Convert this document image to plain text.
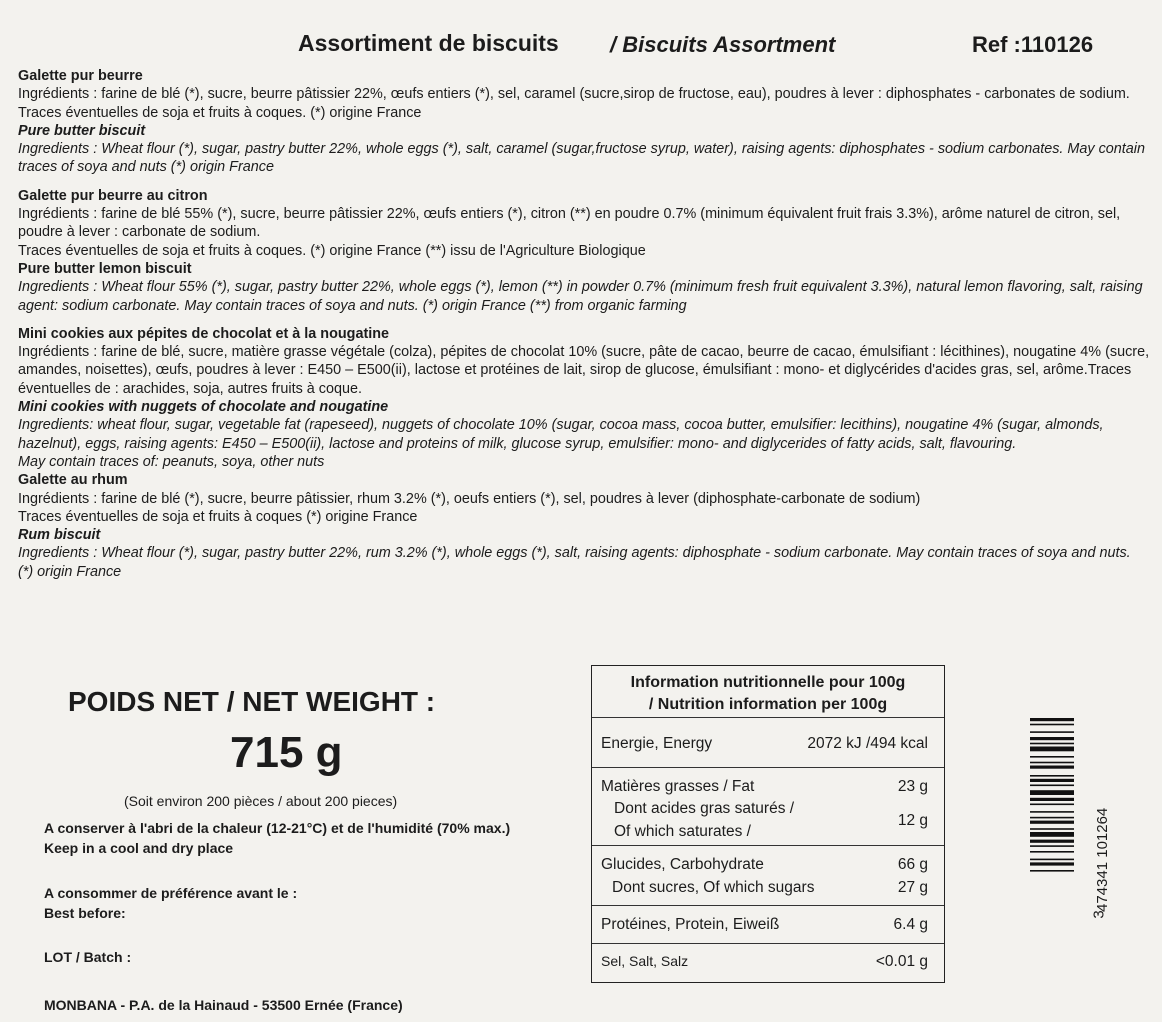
Assortiment de biscuits / Biscuits Assortment	Ref :110126

Galette pur beurre

Ingrédients : farine de blé (*), sucre, beurre pâtissier 22%, œufs entiers (*), sel, caramel (sucre,sirop de fructose, eau), poudres à lever : diphosphates - carbonates de sodium. Traces éventuelles de soja et fruits à coques. (*) origine France

Pure butter biscuit

Ingredients : Wheat flour (*), sugar, pastry butter 22%, whole eggs (*), salt, caramel (sugar,fructose syrup, water), raising agents: diphosphates - sodium carbonates. May contain traces of soya and nuts (*) origin France

Galette pur beurre au citron

Ingrédients : farine de blé 55% (*), sucre, beurre pâtissier 22%, œufs entiers (*), citron (**) en poudre 0.7% (minimum équivalent fruit frais 3.3%), arôme naturel de citron, sel, poudre à lever : carbonate de sodium.

Traces éventuelles de soja et fruits à coques. (*) origine France (**) issu de l'Agriculture Biologique

Pure butter lemon biscuit

Ingredients : Wheat flour 55% (*), sugar, pastry butter 22%, whole eggs (*), lemon (**) in powder 0.7% (minimum fresh fruit equivalent 3.3%), natural lemon flavoring, salt, raising agent: sodium carbonate. May contain traces of soya and nuts. (*) origin France (**) from organic farming

Mini cookies aux pépites de chocolat et à la nougatine

Ingrédients : farine de blé, sucre, matière grasse végétale (colza), pépites de chocolat 10% (sucre, pâte de cacao, beurre de cacao, émulsifiant : lécithines), nougatine 4% (sucre, amandes, noisettes), œufs, poudres à lever : E450 – E500(ii), lactose et protéines de lait, sirop de glucose, émulsifiant : mono- et diglycérides d'acides gras, sel, arôme.Traces éventuelles de : arachides, soja, autres fruits à coque.

Mini cookies with nuggets of chocolate and nougatine

Ingredients: wheat flour, sugar, vegetable fat (rapeseed), nuggets of chocolate 10% (sugar, cocoa mass, cocoa butter, emulsifier: lecithins), nougatine 4% (sugar, almonds, hazelnut), eggs, raising agents: E450 – E500(ii), lactose and proteins of milk, glucose syrup, emulsifier: mono- and diglycerides of fatty acids, salt, flavouring.

May contain traces of: peanuts, soya, other nuts

Galette au rhum

Ingrédients : farine de blé (*), sucre, beurre pâtissier, rhum 3.2% (*), oeufs entiers (*), sel, poudres à lever (diphosphate-carbonate de sodium)

Traces éventuelles de soja et fruits à coques (*) origine France

Rum biscuit

Ingredients : Wheat flour (*), sugar, pastry butter 22%, rum 3.2% (*), whole eggs (*), salt, raising agents: diphosphate - sodium carbonate. May contain traces of soya and nuts.

(*) origin France

POIDS NET / NET WEIGHT :
715 g
(Soit environ 200 pièces / about 200 pieces)
A conserver à l'abri de la chaleur (12-21°C) et de l'humidité (70% max.)
Keep in a cool and dry place
A consommer de préférence avant le :
Best before:
LOT / Batch :
MONBANA - P.A. de la Hainaud - 53500 Ernée (France)
Information nutritionnelle pour 100g
/ Nutrition information per 100g
Energie, Energy	2072 kJ /494 kcal
Matières grasses / Fat	23 g
Dont acides gras saturés /
Of which saturates /
12 g
Glucides, Carbohydrate	66 g
Dont sucres, Of which sugars	27 g
Protéines, Protein, Eiweiß	6.4 g
Sel, Salt, Salz	<0.01 g
474341 101264
3
